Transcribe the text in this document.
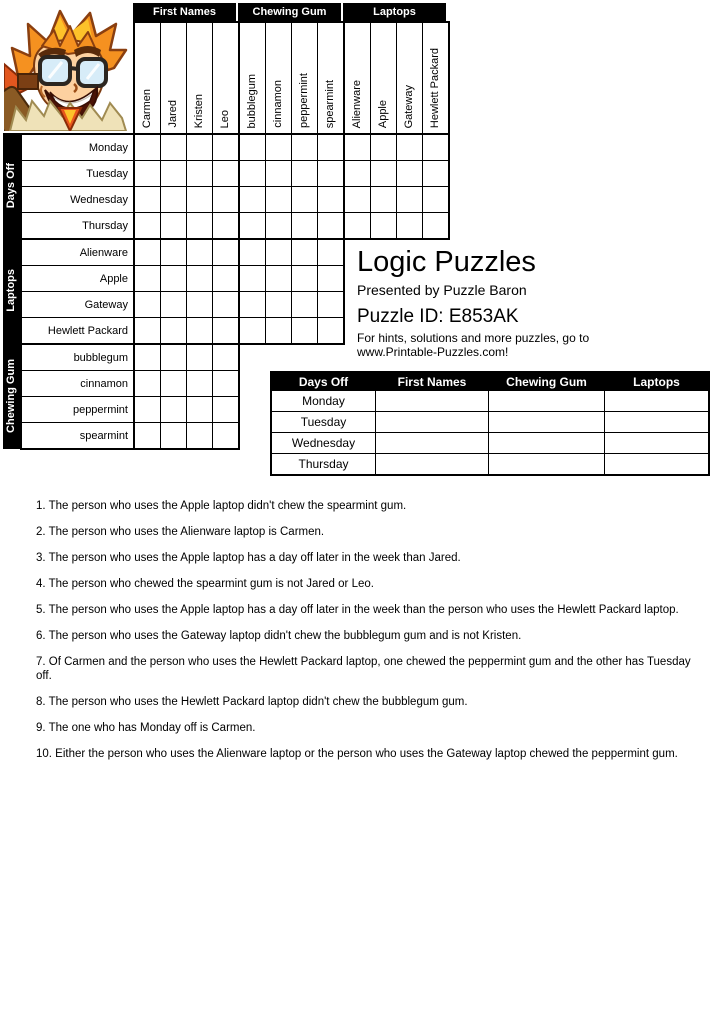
Days Off
Laptops
Chewing Gum
First Names
Carmen Jared Kristen Leo
Chewing Gum
bubblegum cinnamon peppermint spearmint
Laptops
Alienware Apple Gateway Hewlett Packard
Monday
Tuesday
Wednesday
Thursday
Alienware
Apple
Gateway
Hewlett Packard
bubblegum
cinnamon
peppermint
spearmint
Logic Puzzles
Presented by Puzzle Baron
Puzzle ID: E853AK
For hints, solutions and more puzzles, go to
www.Printable-Puzzles.com!
Days Off	First Names	Chewing Gum	Laptops
Monday			
Tuesday			
Wednesday			
Thursday			
1. The person who uses the Apple laptop didn't chew the spearmint gum.
2. The person who uses the Alienware laptop is Carmen.
3. The person who uses the Apple laptop has a day off later in the week than Jared.
4. The person who chewed the spearmint gum is not Jared or Leo.
5. The person who uses the Apple laptop has a day off later in the week than the person who uses the Hewlett Packard laptop.
6. The person who uses the Gateway laptop didn't chew the bubblegum gum and is not Kristen.
7. Of Carmen and the person who uses the Hewlett Packard laptop, one chewed the peppermint gum and the other has Tuesday off.
8. The person who uses the Hewlett Packard laptop didn't chew the bubblegum gum.
9. The one who has Monday off is Carmen.
10. Either the person who uses the Alienware laptop or the person who uses the Gateway laptop chewed the peppermint gum.
